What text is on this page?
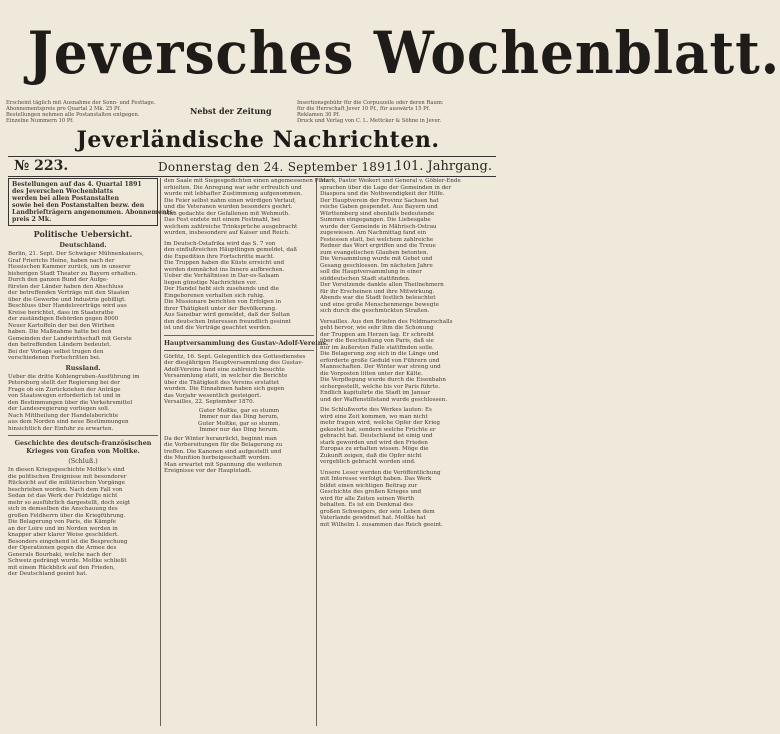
Jeversches Wochenblatt.
Erscheint täglich mit Ausnahme der Sonn- und Festtage.
Abonnementspreis pro Quartal 2 Mk. 25 Pf.
Bestellungen nehmen alle Postanstalten entgegen.
Einzelne Nummern 10 Pf.
Nebst der Zeitung
Insertionsgebühr für die Corpuszeile oder deren Raum:
für die Herrschaft Jever 10 Pf., für auswärts 15 Pf.
Reklamen 30 Pf.
Druck und Verlag von C. L. Mettcker & Söhne in Jever.
Jeverländische Nachrichten.
№ 223.	Donnerstag den 24. September 1891.
101. Jahrgang.
Bestellungen auf das 4. Quartal 1891
des Jeverschen Wochenblatts
werden bei allen Postanstalten
sowie bei den Postanstalten bezw. den
Landbriefträgern angenommen. Abonnements-
preis 2 Mk.
Politische Uebersicht.
Deutschland.
Berlin, 21. Sept. Der Schwäger Mühnenkaisers,
Graf Frierichs Heine, haben nach der
Hessischen Kammer zurück, um in unserer
bisherigen Stadt Theater zu Bayern erhalten.
Durch den ganzen Bund der Aufge-
fürsten der Länder haben den Abschluss
der betreffenden Verträge mit den Staaten
über die Gewerbe und Industrie gebilligt.
Beschluss über Handelsverträge wird aus
Kreise berichtet, dass im Staatsrathe
der zuständigen Behörden gegen 8000
Neuer Kartoffeln der bei den Wirthen
haben. Die Maßnahme hatte bei den
Gemeinden der Landwirthschaft mit Gerste
den betreffenden Ländern bedeutet.
Bei der Vorlage selbst trugen den
verschiedenen Fortschritten bei.
Russland.
Ueber die dritte Kohlengruben-Ausführung im
Petersburg stellt der Regierung bei der
Frage ob ein Zurückziehen der Anträge
von Staatswegen erforderlich ist und in
den Bestimmungen über die Verkehrsmittel
der Landesregierung vorliegen soll.
Nach Mittheilung der Handelsberichte
aus dem Norden sind neue Bestimmungen
hinsichtlich der Einfuhr zu erwarten.
Geschichte des deutsch-französischen Krieges von Grafen von Moltke.
(Schluß.)
In diesen Kriegsgeschichte Moltke's sind
die politischen Ereignisse mit besonderer
Rücksicht auf die militärischen Vorgänge
beschrieben worden. Nach dem Fall von
Sedan ist das Werk der Feldzüge nicht
mehr so ausführlich dargestellt, doch zeigt
sich in demselben die Anschauung des
großen Feldherrn über die Kriegführung.
Die Belagerung von Paris, die Kämpfe
an der Loire und im Norden werden in
knapper aber klarer Weise geschildert.
Besonders eingehend ist die Besprechung
der Operationen gegen die Armee des
Generals Bourbaki, welche nach der
Schweiz gedrängt wurde. Moltke schließt
mit einem Rückblick auf den Frieden,
der Deutschland geeint hat.
den Saale mit Siegesgedichten einen angemessenen Platz
erhielten. Die Anregung war sehr erfreulich und
wurde mit lebhafter Zustimmung aufgenommen.
Die Feier selbst nahm einen würdigen Verlauf,
und die Veteranen wurden besonders geehrt.
Man gedachte der Gefallenen mit Wehmuth.
Das Fest endete mit einem Festmahl, bei
welchem zahlreiche Trinksprüche ausgebracht
wurden, insbesondere auf Kaiser und Reich.
Im Deutsch-Ostafrika wird das S. 7 von
den einflußreichen Häuptlingen gemeldet, daß
die Expedition ihre Fortschritte macht.
Die Truppen haben die Küste erreicht und
werden demnächst ins Innere aufbrechen.
Ueber die Verhältnisse in Dar-es-Salaam
liegen günstige Nachrichten vor.
Der Handel hebt sich zusehends und die
Eingeborenen verhalten sich ruhig.
Die Missionare berichten von Erfolgen in
ihrer Thätigkeit unter der Bevölkerung.
Aus Sansibar wird gemeldet, daß der Sultan
den deutschen Interessen freundlich gesinnt
ist und die Verträge geachtet werden.
Hauptversammlung des Gustav-Adolf-Vereins.
Görlitz, 16. Sept. Gelegentlich des Gottesdienstes
der diesjährigen Hauptversammlung des Gustav-
Adolf-Vereins fand eine zahlreich besuchte
Versammlung statt, in welcher die Berichte
über die Thätigkeit des Vereins erstattet
wurden. Die Einnahmen haben sich gegen
das Vorjahr wesentlich gesteigert.
Versailles, 22. September 1870.
Guter Moltke, gar so stumm
Immer nur das Ding herum,
Guter Moltke, gar so stumm,
Immer nur das Ding herum.
Da der Winter heranrückt, beginnt man
die Vorbereitungen für die Belagerung zu
treffen. Die Kanonen sind aufgestellt und
die Munition herbeigeschafft worden.
Man erwartet mit Spannung die weiteren
Ereignisse vor der Hauptstadt.
Mark, Pastor Weikert und General v. Göbler-Ende
sprachen über die Lage der Gemeinden in der
Diaspora und die Nothwendigkeit der Hilfe.
Der Hauptverein der Provinz Sachsen hat
reiche Gaben gespendet. Aus Bayern und
Württemberg sind ebenfalls bedeutende
Summen eingegangen. Die Liebesgabe
wurde der Gemeinde in Mährisch-Ostrau
zugewiesen. Am Nachmittag fand ein
Festessen statt, bei welchem zahlreiche
Redner das Wort ergriffen und die Treue
zum evangelischen Glauben betonten.
Die Versammlung wurde mit Gebet und
Gesang geschlossen. Im nächsten Jahre
soll die Hauptversammlung in einer
süddeutschen Stadt stattfinden.
Der Vorsitzende dankte allen Theilnehmern
für ihr Erscheinen und ihre Mitwirkung.
Abends war die Stadt festlich beleuchtet
und eine große Menschenmenge bewegte
sich durch die geschmückten Straßen.
Versailles. Aus den Briefen des Feldmarschalls
geht hervor, wie sehr ihm die Schonung
der Truppen am Herzen lag. Er schreibt
über die Beschießung von Paris, daß sie
nur im äußersten Falle stattfinden solle.
Die Belagerung zog sich in die Länge und
erforderte große Geduld von Führern und
Mannschaften. Der Winter war streng und
die Vorposten litten unter der Kälte.
Die Verpflegung wurde durch die Eisenbahn
sichergestellt, welche bis vor Paris führte.
Endlich kapitulirte die Stadt im Januar
und der Waffenstillstand wurde geschlossen.
Die Schlußworte des Werkes lauten: Es
wird eine Zeit kommen, wo man nicht
mehr fragen wird, welche Opfer der Krieg
gekostet hat, sondern welche Früchte er
gebracht hat. Deutschland ist einig und
stark geworden und wird den Frieden
Europas zu erhalten wissen. Möge die
Zukunft zeigen, daß die Opfer nicht
vergeblich gebracht worden sind.
Unsere Leser werden die Veröffentlichung
mit Interesse verfolgt haben. Das Werk
bildet einen wichtigen Beitrag zur
Geschichte des großen Krieges und
wird für alle Zeiten seinen Werth
behalten. Es ist ein Denkmal des
großen Schweigers, der sein Leben dem
Vaterlande gewidmet hat. Moltke hat
mit Wilhelm I. zusammen das Reich geeint.
